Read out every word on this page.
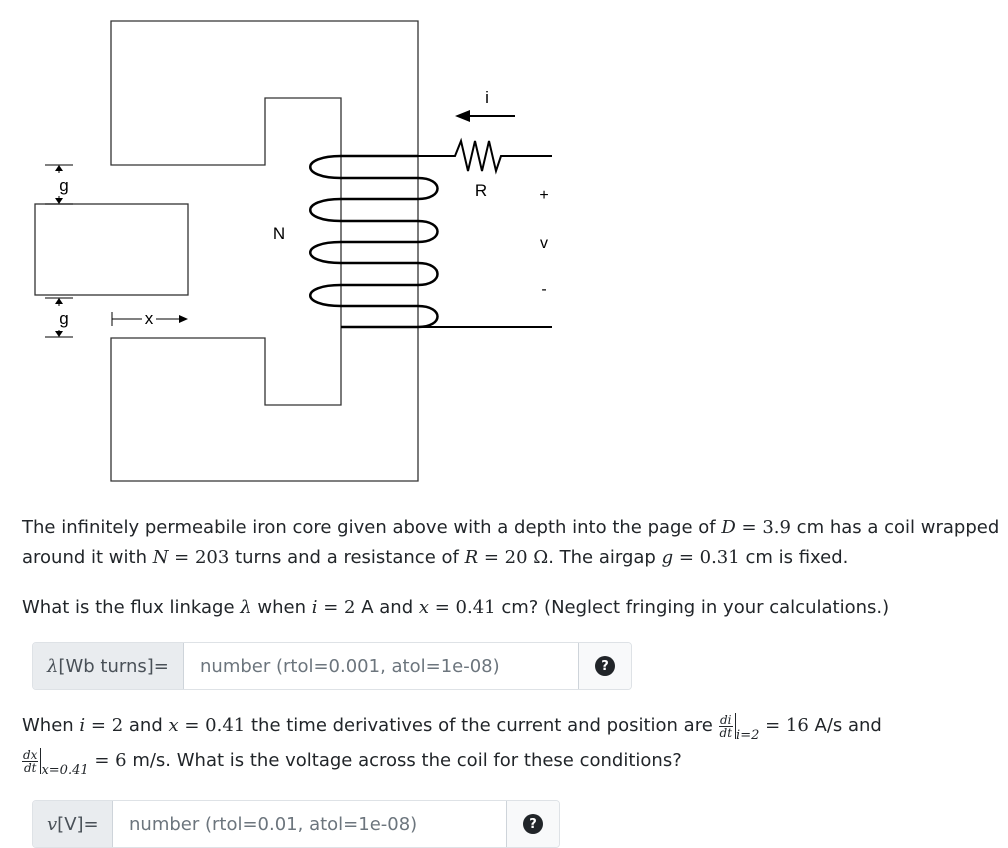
g
g	x
N
i
R	+
v
-

The infinitely permeabile iron core given above with a depth into the page of D = 3.9 cm has a coil wrapped around it with N = 203 turns and a resistance of R = 20 Ω. The airgap g = 0.31 cm is fixed.

What is the flux linkage λ when i = 2 A and x = 0.41 cm? (Neglect fringing in your calculations.)

λ [Wb turns]=
number (rtol=0.001, atol=1e-08)	?

When i = 2 and x = 0.41 the time derivatives of the current and position are $\frac{di}{dt} _{i=2} = 16$ A/s and

$\frac{dx}{dt} _{x=0.41} = 6$ m/s. What is the voltage across the coil for these conditions?

v [V]=
number (rtol=0.01, atol=1e-08)	?
